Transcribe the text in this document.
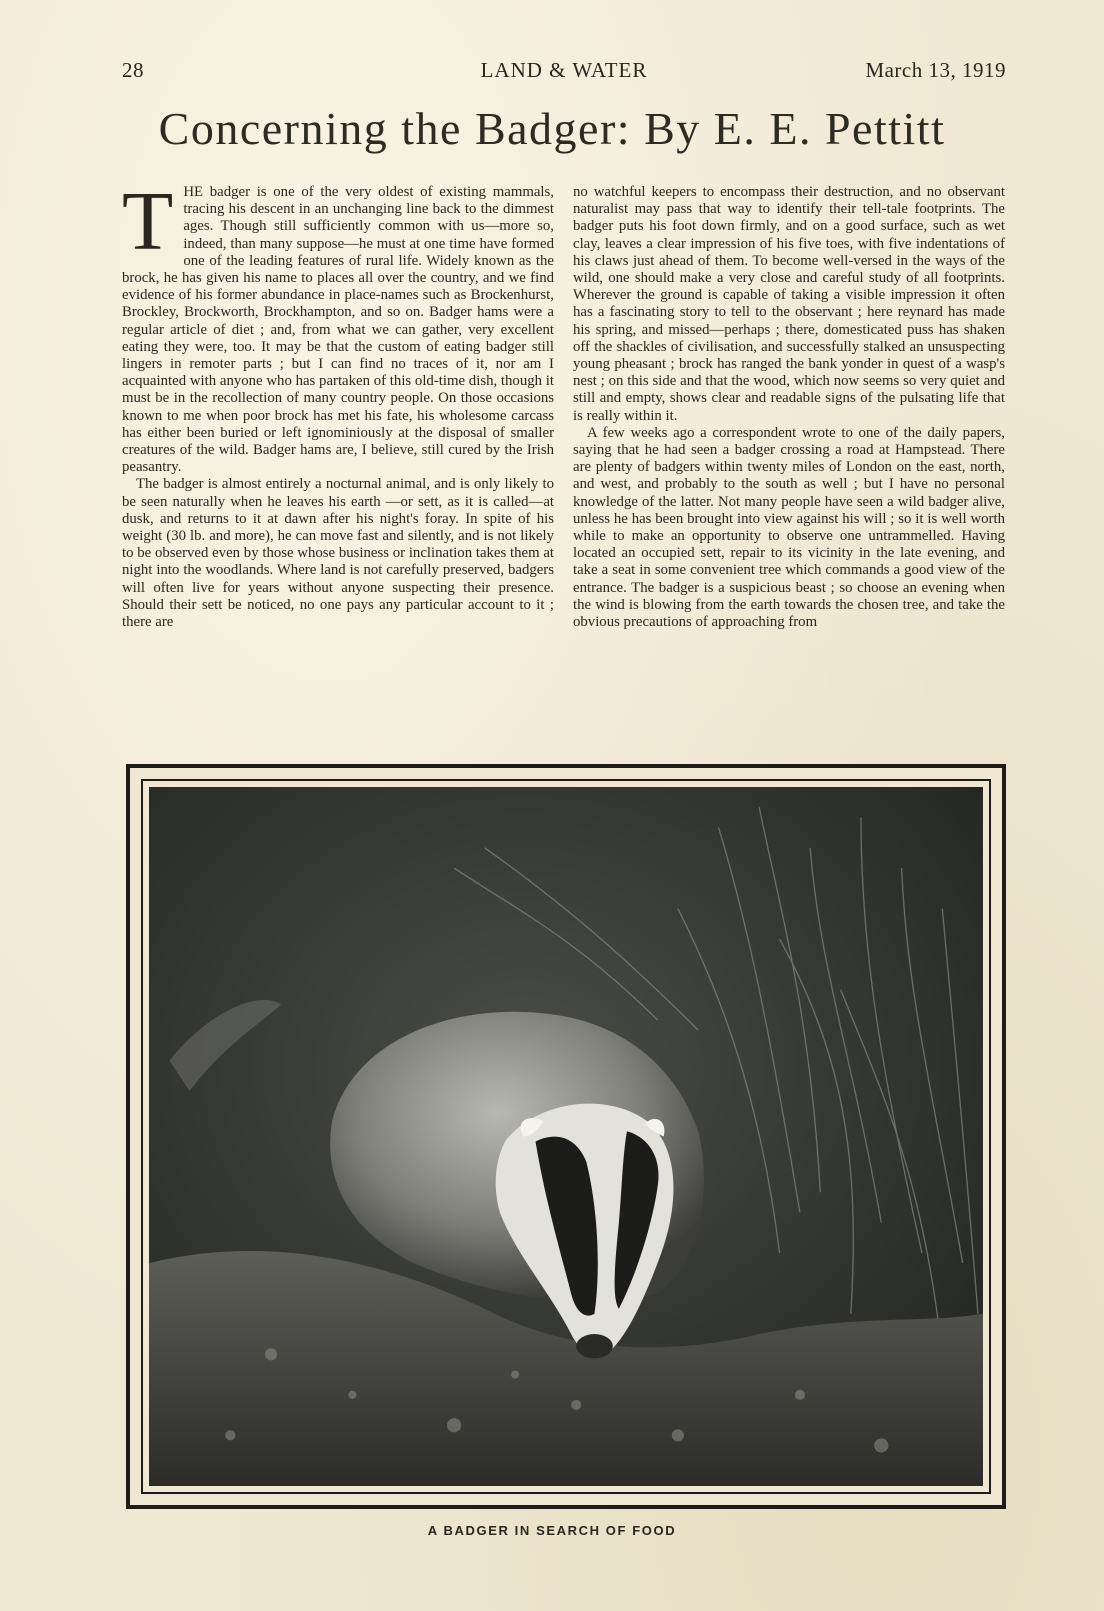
28	LAND & WATER	March 13, 1919
Concerning the Badger: By E. E. Pettitt

THE badger is one of the very oldest of existing mammals, tracing his descent in an unchanging line back to the dimmest ages. Though still sufficiently common with us—more so, indeed, than many suppose—he must at one time have formed one of the leading features of rural life. Widely known as the brock, he has given his name to places all over the country, and we find evidence of his former abundance in place-names such as Brockenhurst, Brockley, Brockworth, Brockhampton, and so on. Badger hams were a regular article of diet ; and, from what we can gather, very excellent eating they were, too. It may be that the custom of eating badger still lingers in remoter parts ; but I can find no traces of it, nor am I acquainted with anyone who has partaken of this old-time dish, though it must be in the recollection of many country people. On those occasions known to me when poor brock has met his fate, his wholesome carcass has either been buried or left ignominiously at the disposal of smaller creatures of the wild. Badger hams are, I believe, still cured by the Irish peasantry.

The badger is almost entirely a nocturnal animal, and is only likely to be seen naturally when he leaves his earth —or sett, as it is called—at dusk, and returns to it at dawn after his night's foray. In spite of his weight (30 lb. and more), he can move fast and silently, and is not likely to be observed even by those whose business or inclination takes them at night into the woodlands. Where land is not carefully preserved, badgers will often live for years without anyone suspecting their presence. Should their sett be noticed, no one pays any particular account to it ; there are

no watchful keepers to encompass their destruction, and no observant naturalist may pass that way to identify their tell-tale footprints. The badger puts his foot down firmly, and on a good surface, such as wet clay, leaves a clear impression of his five toes, with five indentations of his claws just ahead of them. To become well-versed in the ways of the wild, one should make a very close and careful study of all footprints. Wherever the ground is capable of taking a visible impression it often has a fascinating story to tell to the observant ; here reynard has made his spring, and missed—perhaps ; there, domesticated puss has shaken off the shackles of civilisation, and successfully stalked an unsuspecting young pheasant ; brock has ranged the bank yonder in quest of a wasp's nest ; on this side and that the wood, which now seems so very quiet and still and empty, shows clear and readable signs of the pulsating life that is really within it.

A few weeks ago a correspondent wrote to one of the daily papers, saying that he had seen a badger crossing a road at Hampstead. There are plenty of badgers within twenty miles of London on the east, north, and west, and probably to the south as well ; but I have no personal knowledge of the latter. Not many people have seen a wild badger alive, unless he has been brought into view against his will ; so it is well worth while to make an opportunity to observe one untrammelled. Having located an occupied sett, repair to its vicinity in the late evening, and take a seat in some convenient tree which commands a good view of the entrance. The badger is a suspicious beast ; so choose an evening when the wind is blowing from the earth towards the chosen tree, and take the obvious precautions of approaching from

A BADGER IN SEARCH OF FOOD
